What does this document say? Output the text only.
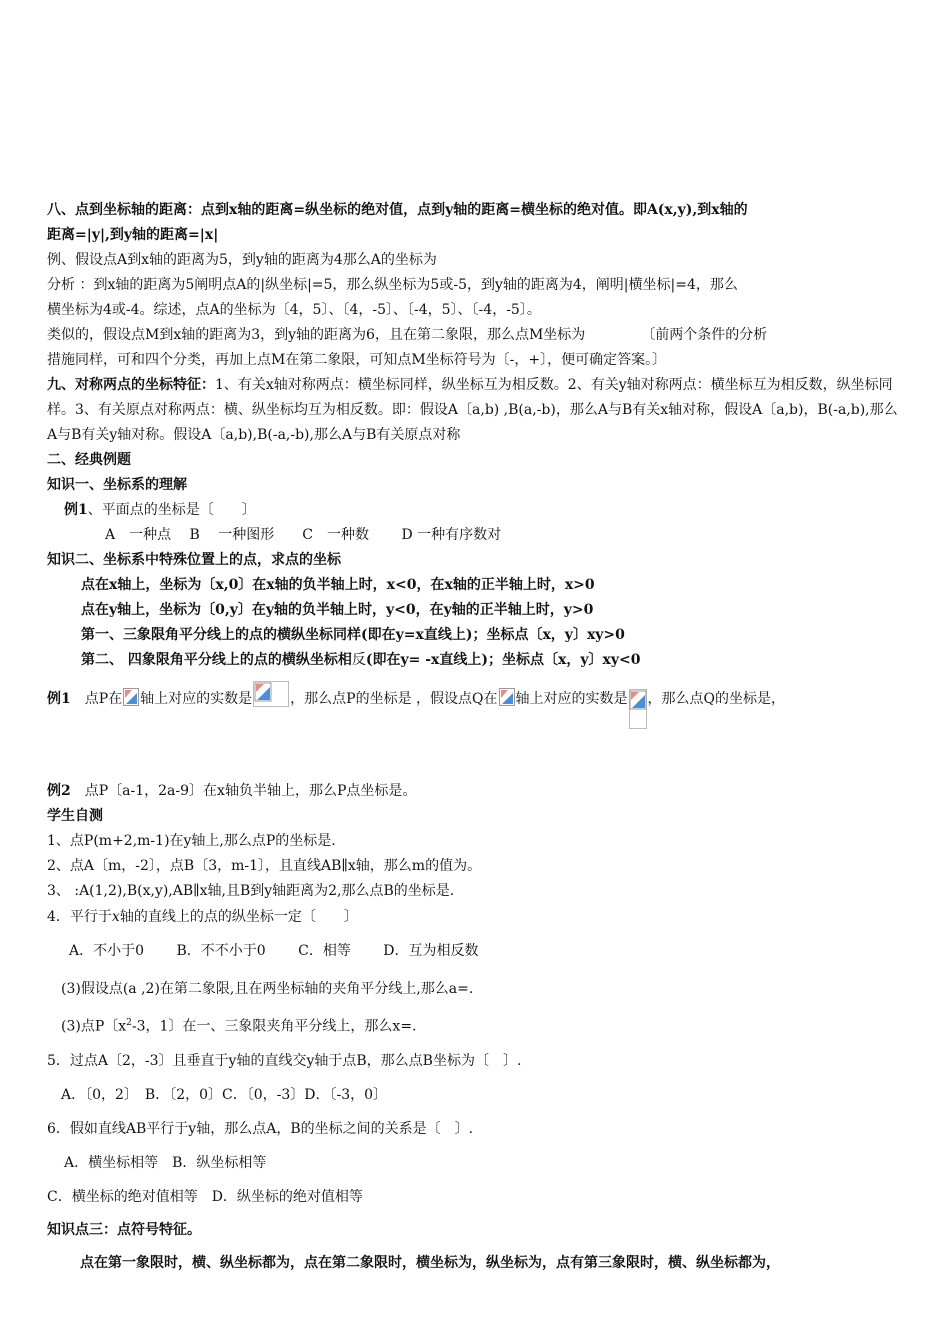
八、点到坐标轴的距离：点到x轴的距离=纵坐标的绝对值，点到y轴的距离=横坐标的绝对值。即A(x,y),到x轴的

距离=|y|,到y轴的距离=|x|

例、假设点A到x轴的距离为5，到y轴的距离为4那么A的坐标为

分析 ：到x轴的距离为5阐明点A的|纵坐标|=5，那么纵坐标为5或-5，到y轴的距离为4，阐明|横坐标|=4，那么

横坐标为4或-4。综述，点A的坐标为〔4，5〕、〔4，-5〕、〔-4，5〕、〔-4，-5〕。

类似的，假设点M到x轴的距离为3，到y轴的距离为6，且在第二象限，那么点M坐标为	〔前两个条件的分析

措施同样，可和四个分类，再加上点M在第二象限，可知点M坐标符号为〔-，+〕，便可确定答案。〕

九、对称两点的坐标特征：1、有关x轴对称两点：横坐标同样，纵坐标互为相反数。2、有关y轴对称两点：横坐标互为相反数，纵坐标同样。3、有关原点对称两点：横、纵坐标均互为相反数。即：假设A〔a,b) ,B(a,-b)，那么A与B有关x轴对称，假设A〔a,b)，B(-a,b),那么A与B有关y轴对称。假设A〔a,b),B(-a,-b),那么A与B有关原点对称

二、经典例题

知识一、坐标系的理解

例1、平面点的坐标是〔　　〕

A　一种点　 B　 一种图形　　C　一种数　　 D 一种有序数对

知识二、坐标系中特殊位置上的点，求点的坐标

点在x轴上，坐标为〔x,0〕在x轴的负半轴上时，x<0，在x轴的正半轴上时，x>0

点在y轴上，坐标为〔0,y〕在y轴的负半轴上时，y<0，在y轴的正半轴上时，y>0

第一、三象限角平分线上的点的横纵坐标同样(即在y=x直线上)；坐标点〔x，y〕xy>0

第二、 四象限角平分线上的点的横纵坐标相反(即在y= -x直线上)；坐标点〔x，y〕xy<0

例1　点P在 轴上对应的实数是	，那么点P的坐标是 ，假设点Q在 轴上对应的实数是 ，那么点Q的坐标是，

例2　点P〔a-1，2a-9〕在x轴负半轴上，那么P点坐标是。

学生自测

1、点P(m+2,m-1)在y轴上,那么点P的坐标是.

2、点A〔m，-2〕，点B〔3，m-1〕，且直线AB∥x轴，那么m的值为。

3、 :A(1,2),B(x,y),AB∥x轴,且B到y轴距离为2,那么点B的坐标是.

4．平行于x轴的直线上的点的纵坐标一定〔　　〕

A．不小于0　　 B．不不小于0　　 C．相等　　 D．互为相反数

(3)假设点(a ,2)在第二象限,且在两坐标轴的夹角平分线上,那么a=.

(3)点P〔$x^2-3$，1〕在一、三象限夹角平分线上，那么x=.

5．过点A〔2，-3〕且垂直于y轴的直线交y轴于点B，那么点B坐标为〔　〕.

A．〔0，2〕　B．〔2，0〕C．〔0，-3〕D．〔-3，0〕

6．假如直线AB平行于y轴，那么点A，B的坐标之间的关系是〔　〕.

A．横坐标相等　B．纵坐标相等

C．横坐标的绝对值相等　D．纵坐标的绝对值相等

知识点三：点符号特征。

点在第一象限时，横、纵坐标都为，点在第二象限时，横坐标为，纵坐标为，点有第三象限时，横、纵坐标都为，
